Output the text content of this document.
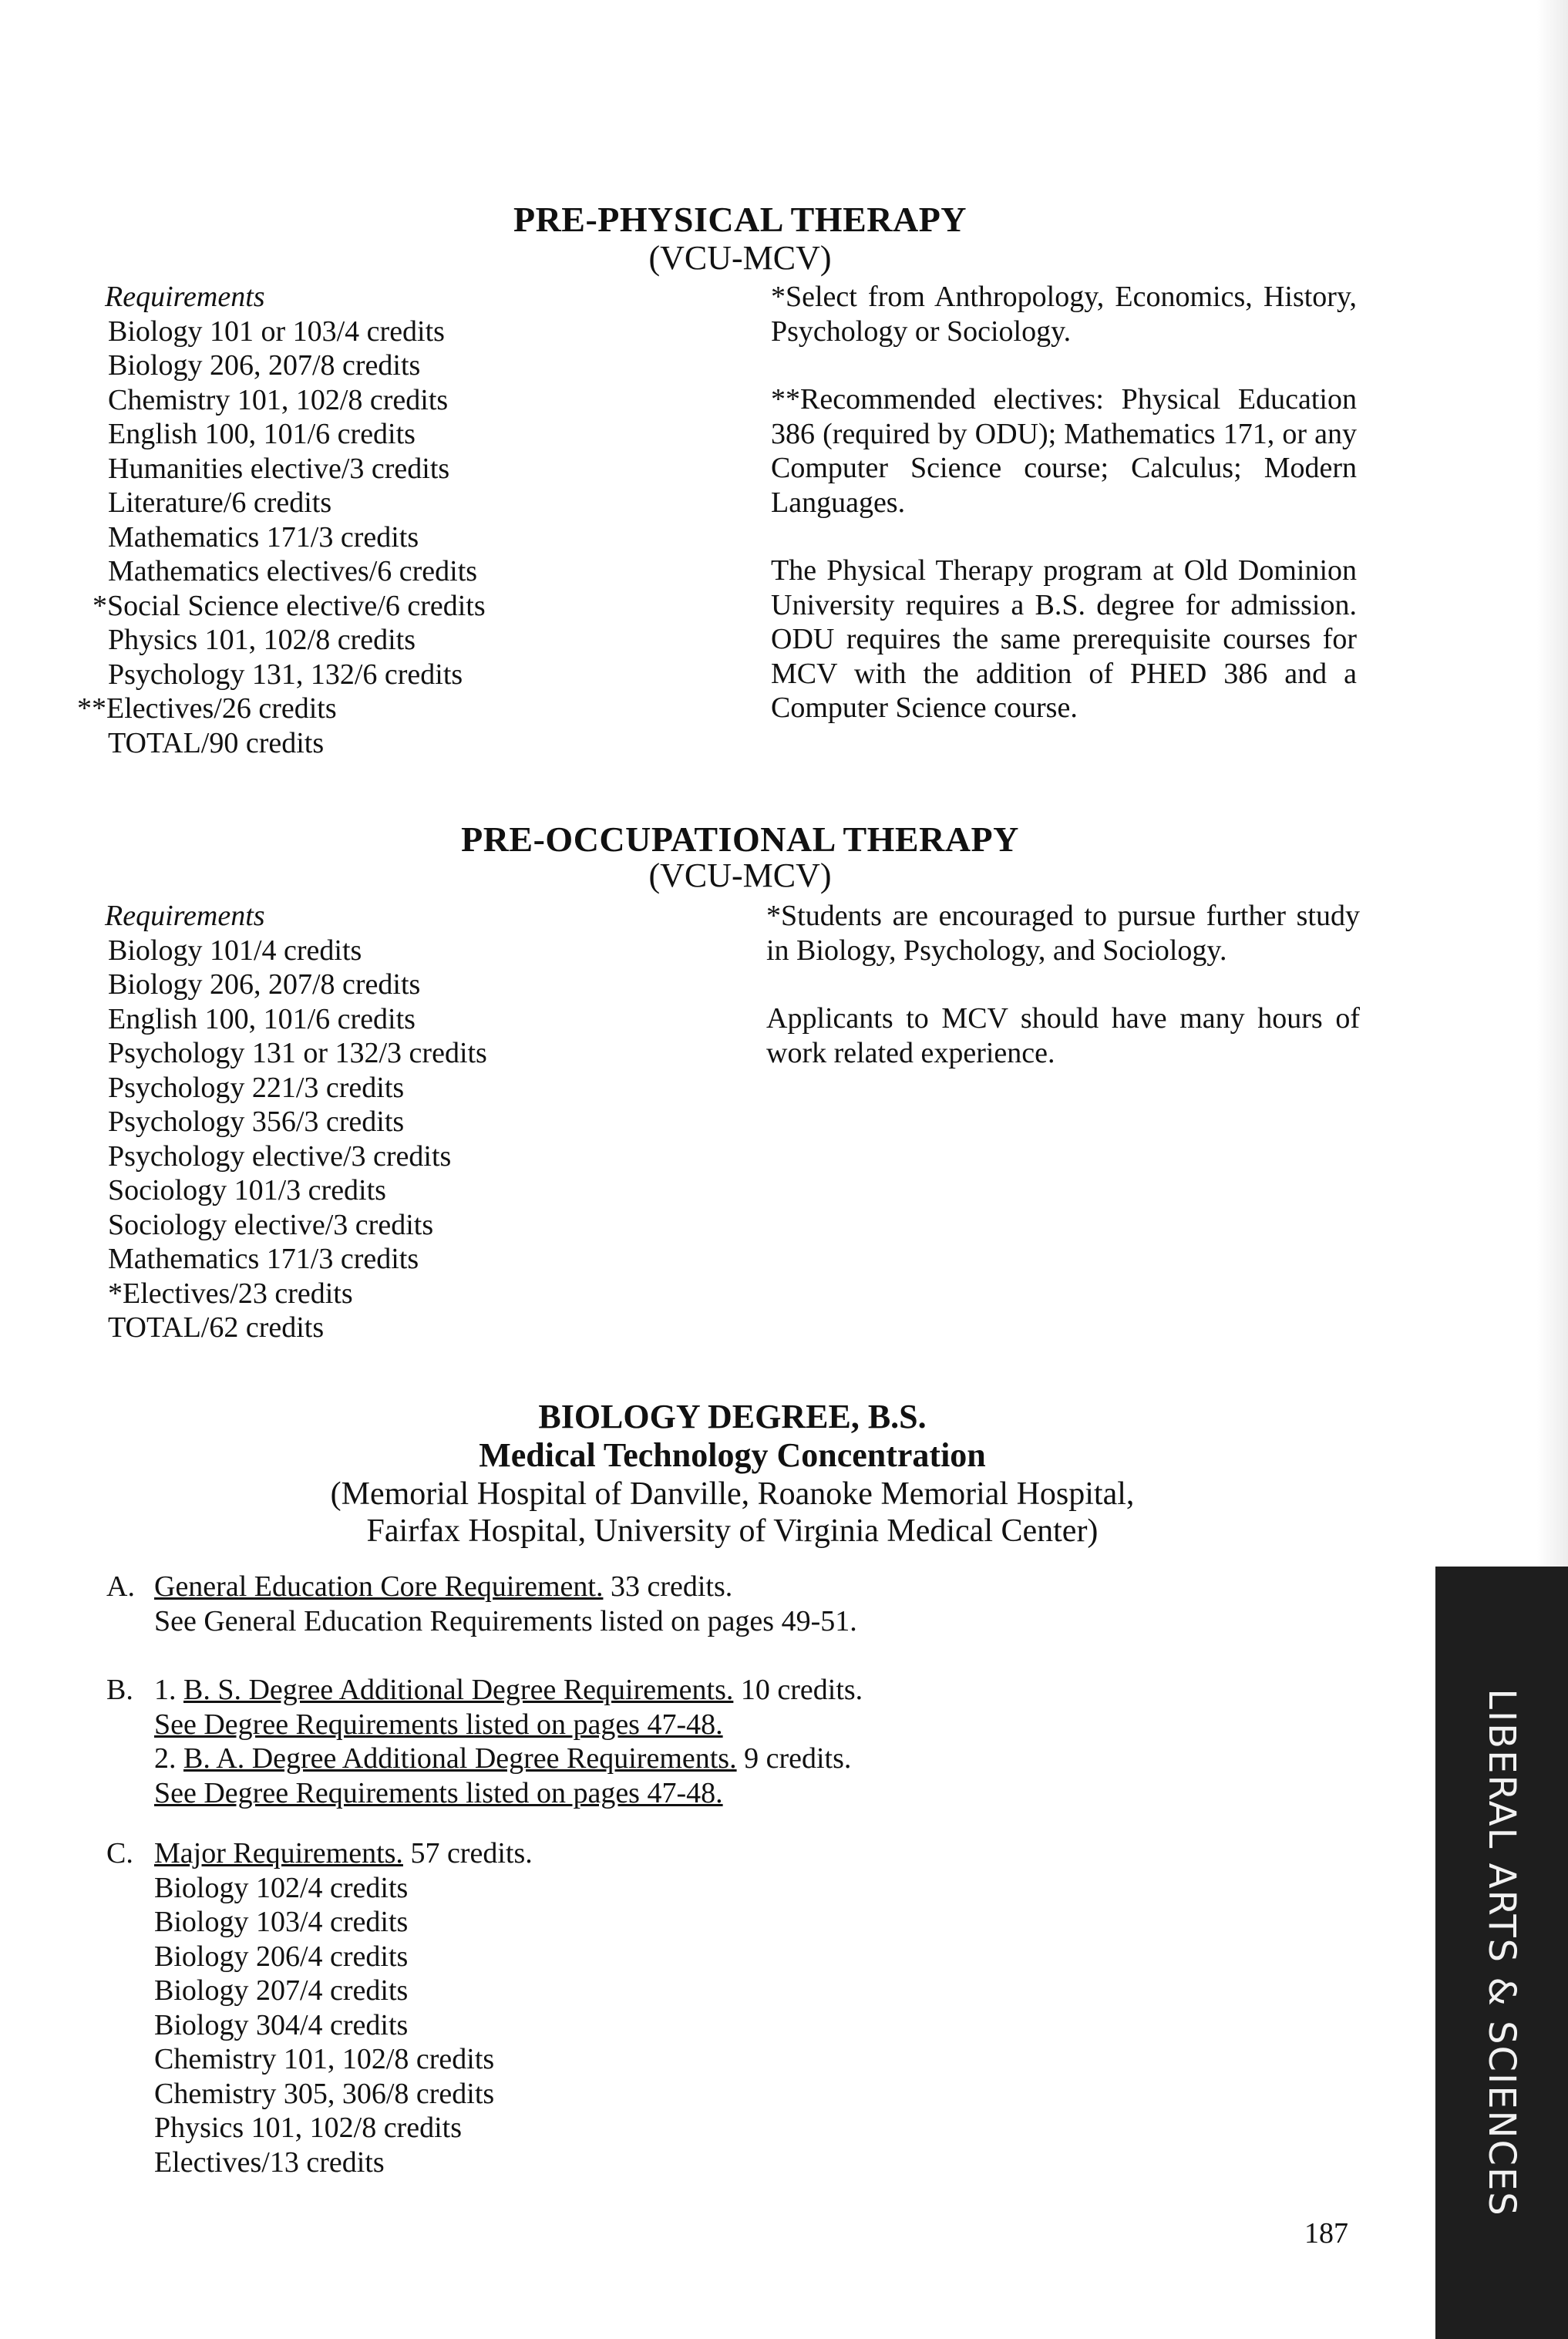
PRE-PHYSICAL THERAPY
(VCU-MCV)
Requirements
Biology 101 or 103/4 credits
Biology 206, 207/8 credits
Chemistry 101, 102/8 credits
English 100, 101/6 credits
Humanities elective/3 credits
Literature/6 credits
Mathematics 171/3 credits
Mathematics electives/6 credits
*Social Science elective/6 credits
Physics 101, 102/8 credits
Psychology 131, 132/6 credits
**Electives/26 credits
TOTAL/90 credits

*Select from Anthropology, Economics, History, Psychology or Sociology.

**Recommended electives: Physical Education 386 (required by ODU); Mathematics 171, or any Computer Science course; Calculus; Modern Languages.

The Physical Therapy program at Old Dominion University requires a B.S. degree for admission. ODU requires the same prerequisite courses for MCV with the addition of PHED 386 and a Computer Science course.

PRE-OCCUPATIONAL THERAPY
(VCU-MCV)
Requirements
Biology 101/4 credits
Biology 206, 207/8 credits
English 100, 101/6 credits
Psychology 131 or 132/3 credits
Psychology 221/3 credits
Psychology 356/3 credits
Psychology elective/3 credits
Sociology 101/3 credits
Sociology elective/3 credits
Mathematics 171/3 credits
*Electives/23 credits
TOTAL/62 credits

*Students are encouraged to pursue further study in Biology, Psychology, and Sociology.

Applicants to MCV should have many hours of work related experience.

BIOLOGY DEGREE, B.S.
Medical Technology Concentration
(Memorial Hospital of Danville, Roanoke Memorial Hospital,
Fairfax Hospital, University of Virginia Medical Center)
A. General Education Core Requirement. 33 credits.
See General Education Requirements listed on pages 49-51.
B. 1. B. S. Degree Additional Degree Requirements. 10 credits.
See Degree Requirements listed on pages 47-48.
2. B. A. Degree Additional Degree Requirements. 9 credits.
See Degree Requirements listed on pages 47-48.
C. Major Requirements. 57 credits.
Biology 102/4 credits
Biology 103/4 credits
Biology 206/4 credits
Biology 207/4 credits
Biology 304/4 credits
Chemistry 101, 102/8 credits
Chemistry 305, 306/8 credits
Physics 101, 102/8 credits
Electives/13 credits
187
LIBERAL ARTS & SCIENCES
